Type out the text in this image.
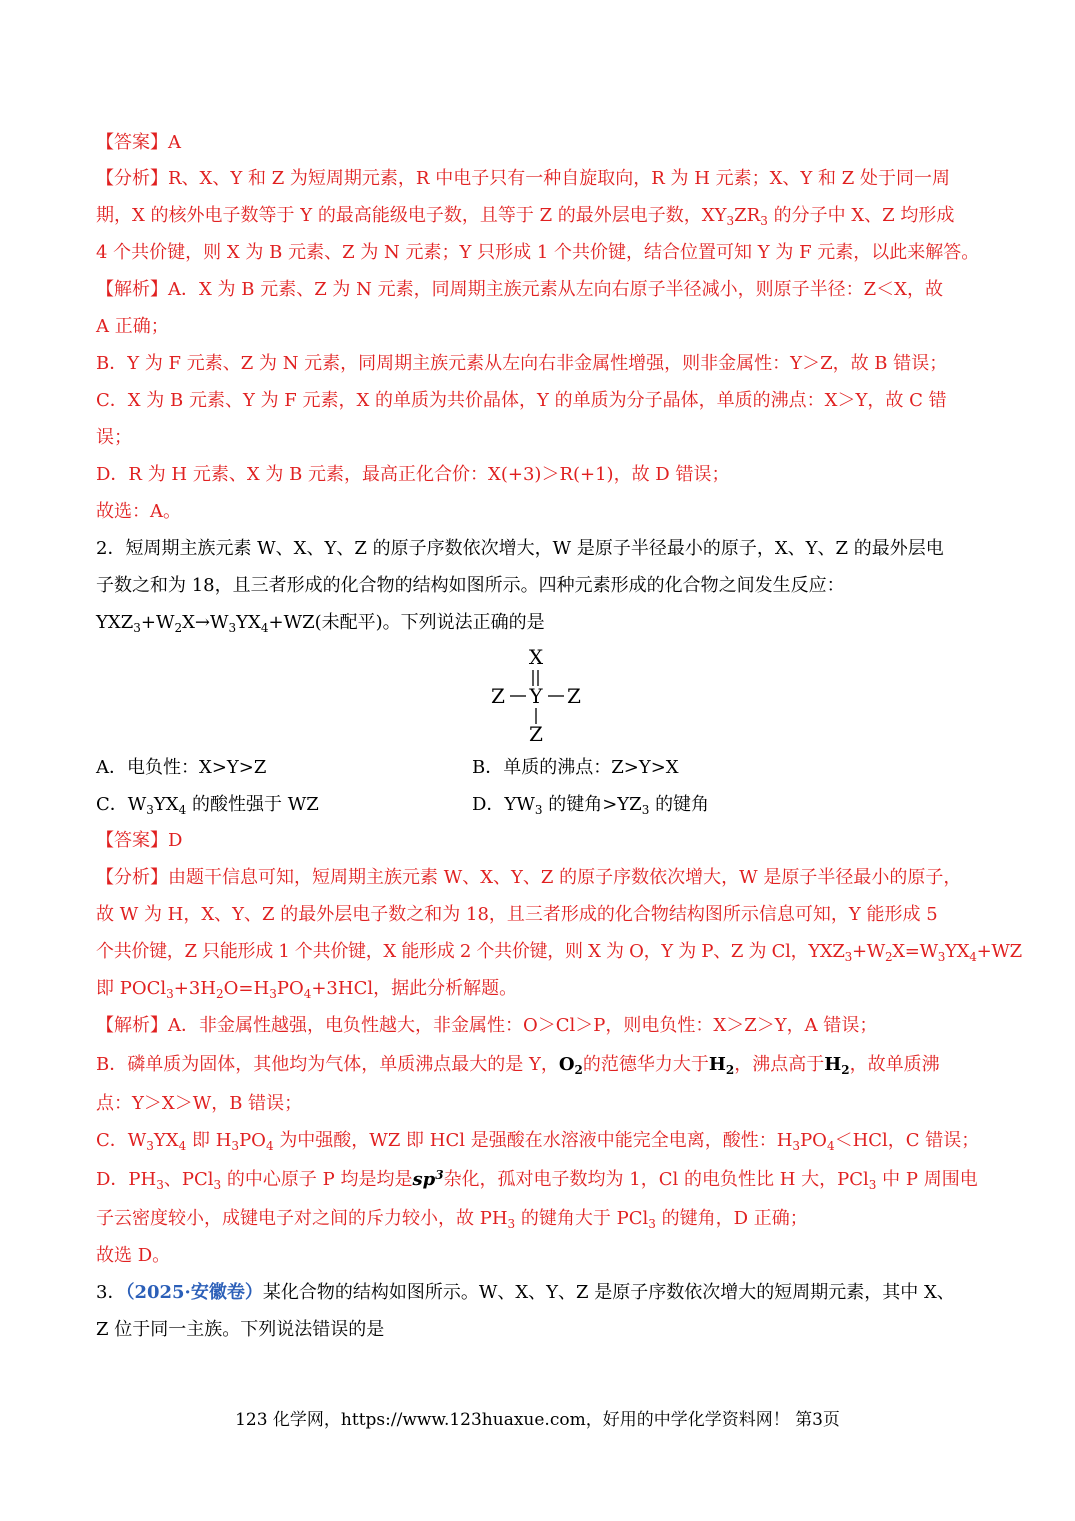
【答案】A
【分析】R、X、Y 和 Z 为短周期元素，R 中电子只有一种自旋取向，R 为 H 元素；X、Y 和 Z 处于同一周
期，X 的核外电子数等于 Y 的最高能级电子数，且等于 Z 的最外层电子数，$XY_3ZR_3$ 的分子中 X、Z 均形成
4 个共价键，则 X 为 B 元素、Z 为 N 元素；Y 只形成 1 个共价键，结合位置可知 Y 为 F 元素，以此来解答。
【解析】A．X 为 B 元素、Z 为 N 元素，同周期主族元素从左向右原子半径减小，则原子半径：Z＜X，故
A 正确；
B．Y 为 F 元素、Z 为 N 元素，同周期主族元素从左向右非金属性增强，则非金属性：Y＞Z，故 B 错误；
C．X 为 B 元素、Y 为 F 元素，X 的单质为共价晶体，Y 的单质为分子晶体，单质的沸点：X＞Y，故 C 错
误；
D．R 为 H 元素、X 为 B 元素，最高正化合价：X(+3)＞R(+1)，故 D 错误；
故选：A。
2．短周期主族元素 W、X、Y、Z 的原子序数依次增大，W 是原子半径最小的原子，X、Y、Z 的最外层电
子数之和为 18，且三者形成的化合物的结构如图所示。四种元素形成的化合物之间发生反应：
$YXZ_3+W_2X\to W_3YX_4+WZ$(未配平)。下列说法正确的是
X
Y
Z	Z
Z
A．电负性：X>Y>Z	B．单质的沸点：Z>Y>X
C．$W_3YX_4$ 的酸性强于 WZ	D．$YW_3$ 的键角$>YZ_3$ 的键角
【答案】D
【分析】由题干信息可知，短周期主族元素 W、X、Y、Z 的原子序数依次增大，W 是原子半径最小的原子，
故 W 为 H，X、Y、Z 的最外层电子数之和为 18，且三者形成的化合物结构图所示信息可知，Y 能形成 5
个共价键，Z 只能形成 1 个共价键，X 能形成 2 个共价键，则 X 为 O，Y 为 P、Z 为 Cl，$YXZ_3+W_2X=W_3YX_4+WZ$
即 $POCl_3+3H_2O=H_3PO_4+3HCl$，据此分析解题。
【解析】A．非金属性越强，电负性越大，非金属性：O＞Cl＞P，则电负性：X＞Z＞Y，A 错误；
B．磷单质为固体，其他均为气体，单质沸点最大的是 Y，$O_2$的范德华力大于$H_2$，沸点高于$H_2$，故单质沸
点：Y＞X＞W，B 错误；
C．$W_3YX_4$ 即 $H_3PO_4$ 为中强酸，WZ 即 HCl 是强酸在水溶液中能完全电离，酸性：$H_3PO_4<HCl$，C 错误；
D．$PH_3$、PCl$_3$ 的中心原子 P 均是均是$sp^3$杂化，孤对电子数均为 1，Cl 的电负性比 H 大，PCl$_3$ 中 P 周围电
子云密度较小，成键电子对之间的斥力较小，故 $PH_3$ 的键角大于 PCl$_3$ 的键角，D 正确；
故选 D。
3．（2025·安徽卷）某化合物的结构如图所示。W、X、Y、Z 是原子序数依次增大的短周期元素，其中 X、
Z 位于同一主族。下列说法错误的是
123 化学网，https://www.123huaxue.com，好用的中学化学资料网！ 第3页
